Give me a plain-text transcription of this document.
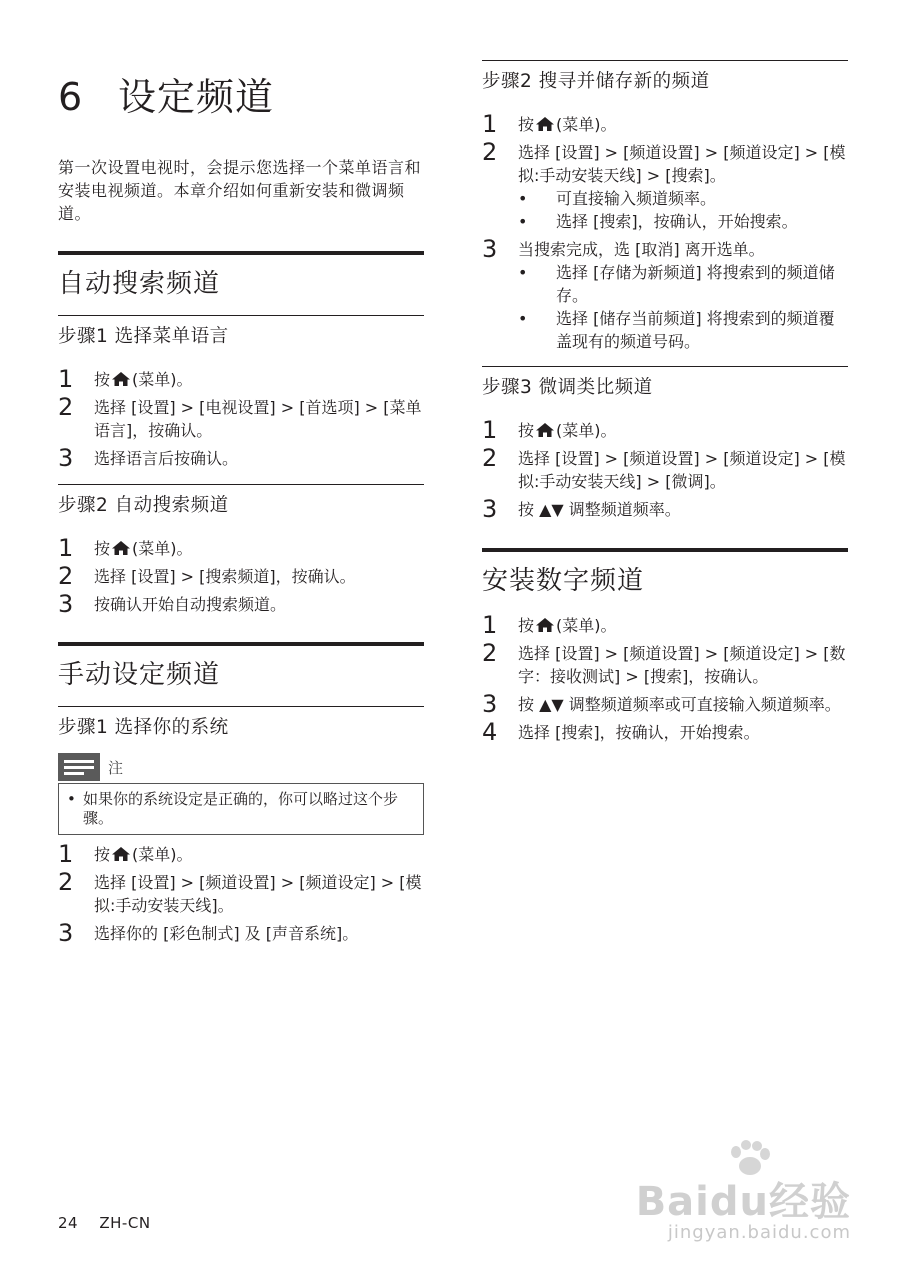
6 设定频道
第一次设置电视时，会提示您选择一个菜单语言和安装电视频道。本章介绍如何重新安装和微调频道。
自动搜索频道
步骤1 选择菜单语言
1	按 (菜单)。
2	选择 [设置] > [电视设置] > [首选项] > [菜单语言]，按确认。
3	选择语言后按确认。
步骤2 自动搜索频道
1	按 (菜单)。
2	选择 [设置] > [搜索频道]，按确认。
3	按确认开始自动搜索频道。
手动设定频道
步骤1 选择你的系统
注
• 如果你的系统设定是正确的，你可以略过这个步骤。
1	按 (菜单)。
2	选择 [设置] > [频道设置] > [频道设定] > [模拟:手动安装天线]。
3	选择你的 [彩色制式] 及 [声音系统]。
步骤2 搜寻并储存新的频道
1	按 (菜单)。
2	选择 [设置] > [频道设置] > [频道设定] > [模拟:手动安装天线] > [搜索]。
•	可直接输入频道频率。
•	选择 [搜索]，按确认，开始搜索。
3	当搜索完成，选 [取消] 离开选单。
•	选择 [存储为新频道] 将搜索到的频道储存。
•	选择 [储存当前频道] 将搜索到的频道覆盖现有的频道号码。
步骤3 微调类比频道
1	按 (菜单)。
2	选择 [设置] > [频道设置] > [频道设定] > [模拟:手动安装天线] > [微调]。
3	按 ▲▼ 调整频道频率。
安装数字频道
1	按 (菜单)。
2	选择 [设置] > [频道设置] > [频道设定] > [数字：接收测试] > [搜索]，按确认。
3	按 ▲▼ 调整频道频率或可直接输入频道频率。
4	选择 [搜索]，按确认，开始搜索。
24 ZH-CN	Baidu经验
jingyan.baidu.com
